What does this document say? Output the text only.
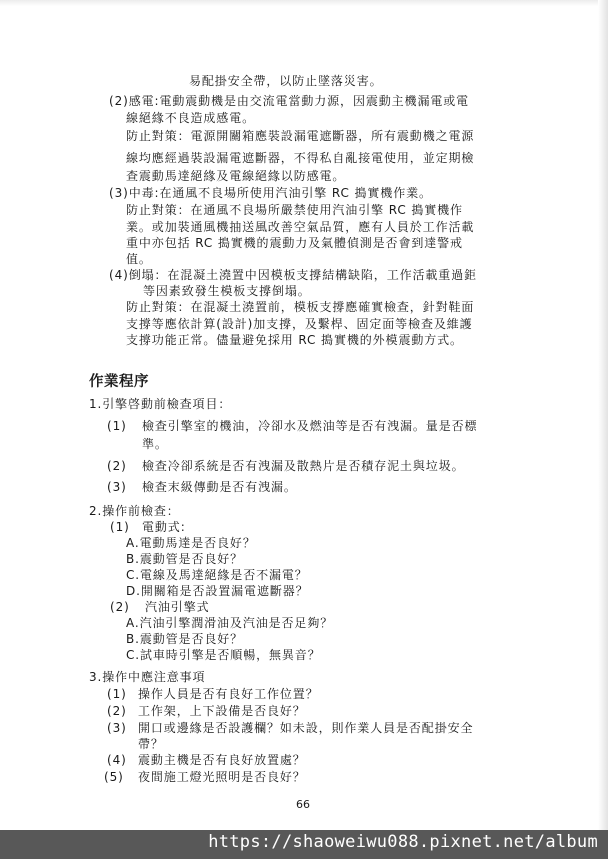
易配掛安全帶，以防止墜落災害。
(2)感電:電動震動機是由交流電當動力源，因震動主機漏電或電
線絕緣不良造成感電。
防止對策：電源開關箱應裝設漏電遮斷器，所有震動機之電源
線均應經過裝設漏電遮斷器，不得私自亂接電使用，並定期檢
查震動馬達絕緣及電線絕緣以防感電。
(3)中毒:在通風不良場所使用汽油引擎 RC 搗實機作業。
防止對策：在通風不良場所嚴禁使用汽油引擎 RC 搗實機作
業。或加裝通風機抽送風改善空氣品質，應有人員於工作活載
重中亦包括 RC 搗實機的震動力及氣體偵測是否會到達警戒
值。
(4)倒塌：在混凝土澆置中因模板支撐結構缺陷，工作活載重過鉅
等因素致發生模板支撐倒塌。
防止對策：在混凝土澆置前，模板支撐應確實檢查，針對鞋面
支撐等應依計算(設計)加支撐，及繫桿、固定面等檢查及維護
支撐功能正常。儘量避免採用 RC 搗實機的外模震動方式。
作業程序
1.引擎啓動前檢查項目：
(1) 檢查引擎室的機油，冷卻水及燃油等是否有洩漏。量是否標
準。
(2) 檢查冷卻系統是否有洩漏及散熱片是否積存泥土與垃圾。
(3) 檢查末級傳動是否有洩漏。
2.操作前檢查：
(1) 電動式:
A.電動馬達是否良好？
B.震動管是否良好？
C.電線及馬達絕緣是否不漏電？
D.開關箱是否設置漏電遮斷器？
(2) 汽油引擎式
A.汽油引擎潤滑油及汽油是否足夠？
B.震動管是否良好？
C.試車時引擎是否順暢，無異音？
3.操作中應注意事項
(1) 操作人員是否有良好工作位置？
(2) 工作架，上下設備是否良好？
(3) 開口或邊緣是否設護欄？如未設，則作業人員是否配掛安全
帶？
(4) 震動主機是否有良好放置處？
(5) 夜間施工燈光照明是否良好？
66
https://shaoweiwu088.pixnet.net/album
